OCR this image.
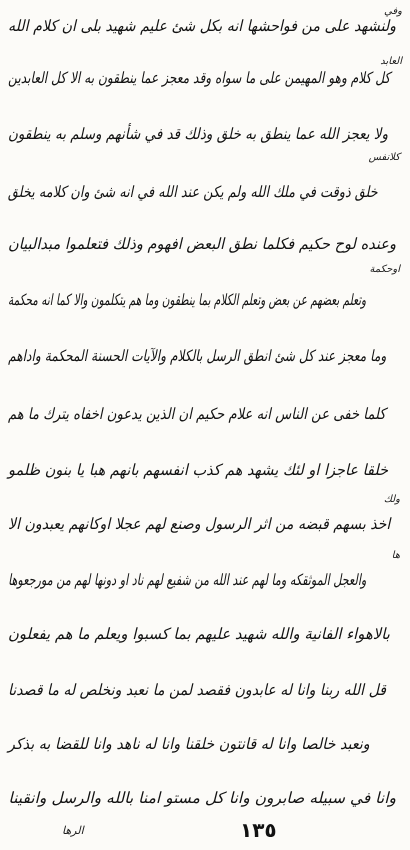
ولنشهد على من فواحشها انه بكل شئ عليم شهيد بلى ان كلام الله
كل كلام وهو المهيمن على ما سواه وقد معجز عما ينطقون به الا كل العابدين
ولا يعجز الله عما ينطق به خلق وذلك قد في شأنهم وسلم به ينطقون
خلق ذوقت في ملك الله ولم يكن عند الله في انه شئ وان كلامه يخلق
وعنده لوح حكيم فكلما نطق البعض افهوم وذلك فتعلموا مبدالبيان
وتعلم بعضهم عن بعض وتعلم الكلام بما ينطقون وما هم يتكلمون والا كما انه محكمة
وما معجز عند كل شئ انطق الرسل بالكلام والآيات الحسنة المحكمة واداهم
كلما خفى عن الناس انه علام حكيم ان الذين يدعون اخفاه يترك ما هم
خلقا عاجزا او لئك يشهد هم كذب انفسهم بانهم هبا يا بنون ظلمو
اخذ بسهم قبضه من اثر الرسول وصنع لهم عجلا اوكانهم يعبدون الا
والعجل الموثقكه وما لهم عند الله من شفيع لهم ناد او دونها لهم من مورجعوها
بالاهواء الفانية والله شهيد عليهم بما كسبوا ويعلم ما هم يفعلون
قل الله ربنا وانا له عابدون فقصد لمن ما نعبد ونخلص له ما قصدنا
ونعبد خالصا وانا له قانتون خلقنا وانا له ناهد وانا للقضا به بذكر
وانا في سبيله صابرون وانا كل مستو امنا بالله والرسل وانقينا
وفي
العابد
كلانفس
اوحکمة
ولك
ها
١٣٥
الرها
